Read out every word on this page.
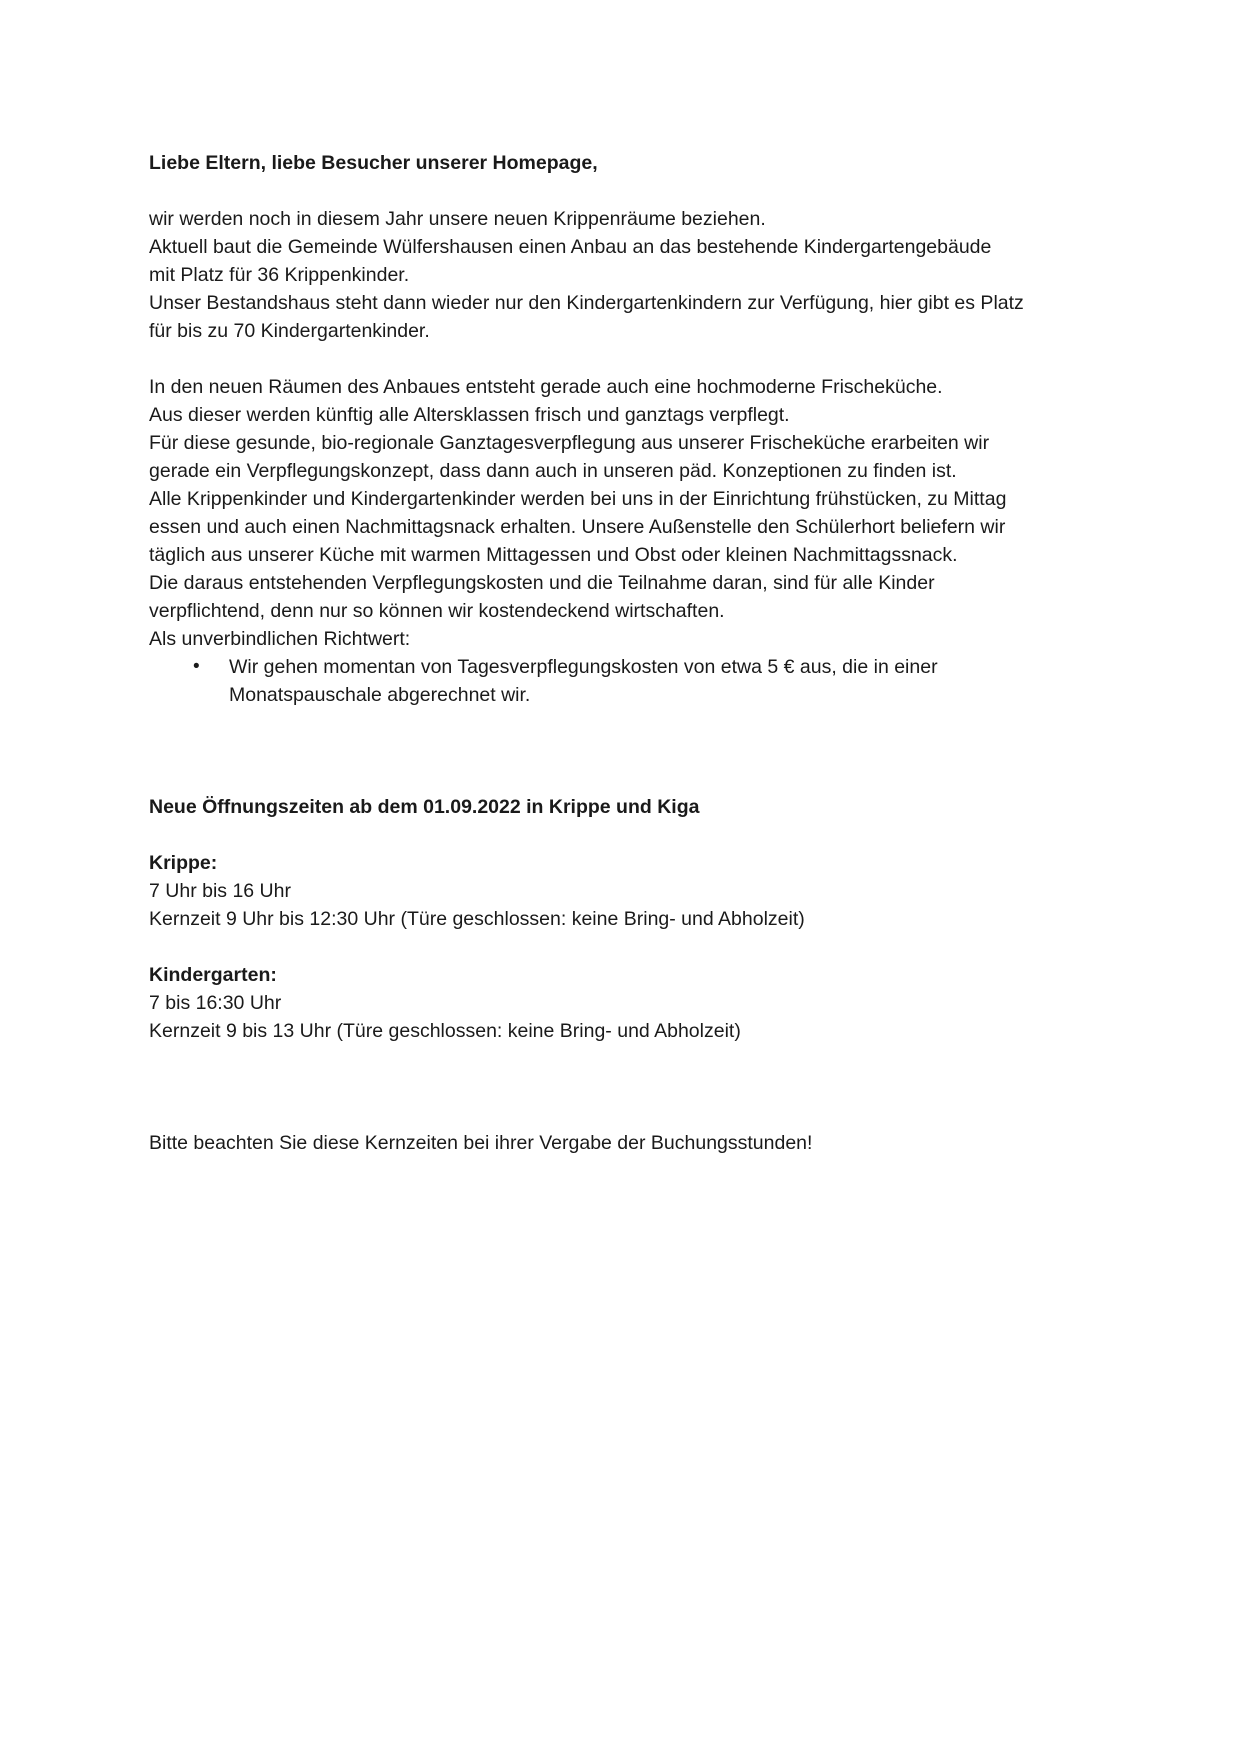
Liebe Eltern, liebe Besucher unserer Homepage,
wir werden noch in diesem Jahr unsere neuen Krippenräume beziehen.
Aktuell baut die Gemeinde Wülfershausen einen Anbau an das bestehende Kindergartengebäude
mit Platz für 36 Krippenkinder.
Unser Bestandshaus steht dann wieder nur den Kindergartenkindern zur Verfügung, hier gibt es Platz
für bis zu 70 Kindergartenkinder.
In den neuen Räumen des Anbaues entsteht gerade auch eine hochmoderne Frischeküche.
Aus dieser werden künftig alle Altersklassen frisch und ganztags verpflegt.
Für diese gesunde, bio-regionale Ganztagesverpflegung aus unserer Frischeküche erarbeiten wir
gerade ein Verpflegungskonzept, dass dann auch in unseren päd. Konzeptionen zu finden ist.
Alle Krippenkinder und Kindergartenkinder werden bei uns in der Einrichtung frühstücken, zu Mittag
essen und auch einen Nachmittagsnack erhalten. Unsere Außenstelle den Schülerhort beliefern wir
täglich aus unserer Küche mit warmen Mittagessen und Obst oder kleinen Nachmittagssnack.
Die daraus entstehenden Verpflegungskosten und die Teilnahme daran, sind für alle Kinder
verpflichtend, denn nur so können wir kostendeckend wirtschaften.
Als unverbindlichen Richtwert:
• Wir gehen momentan von Tagesverpflegungskosten von etwa 5 € aus, die in einer
Monatspauschale abgerechnet wir.
Neue Öffnungszeiten ab dem 01.09.2022 in Krippe und Kiga
Krippe:
7 Uhr bis 16 Uhr
Kernzeit 9 Uhr bis 12:30 Uhr (Türe geschlossen: keine Bring- und Abholzeit)
Kindergarten:
7 bis 16:30 Uhr
Kernzeit 9 bis 13 Uhr (Türe geschlossen: keine Bring- und Abholzeit)
Bitte beachten Sie diese Kernzeiten bei ihrer Vergabe der Buchungsstunden!
